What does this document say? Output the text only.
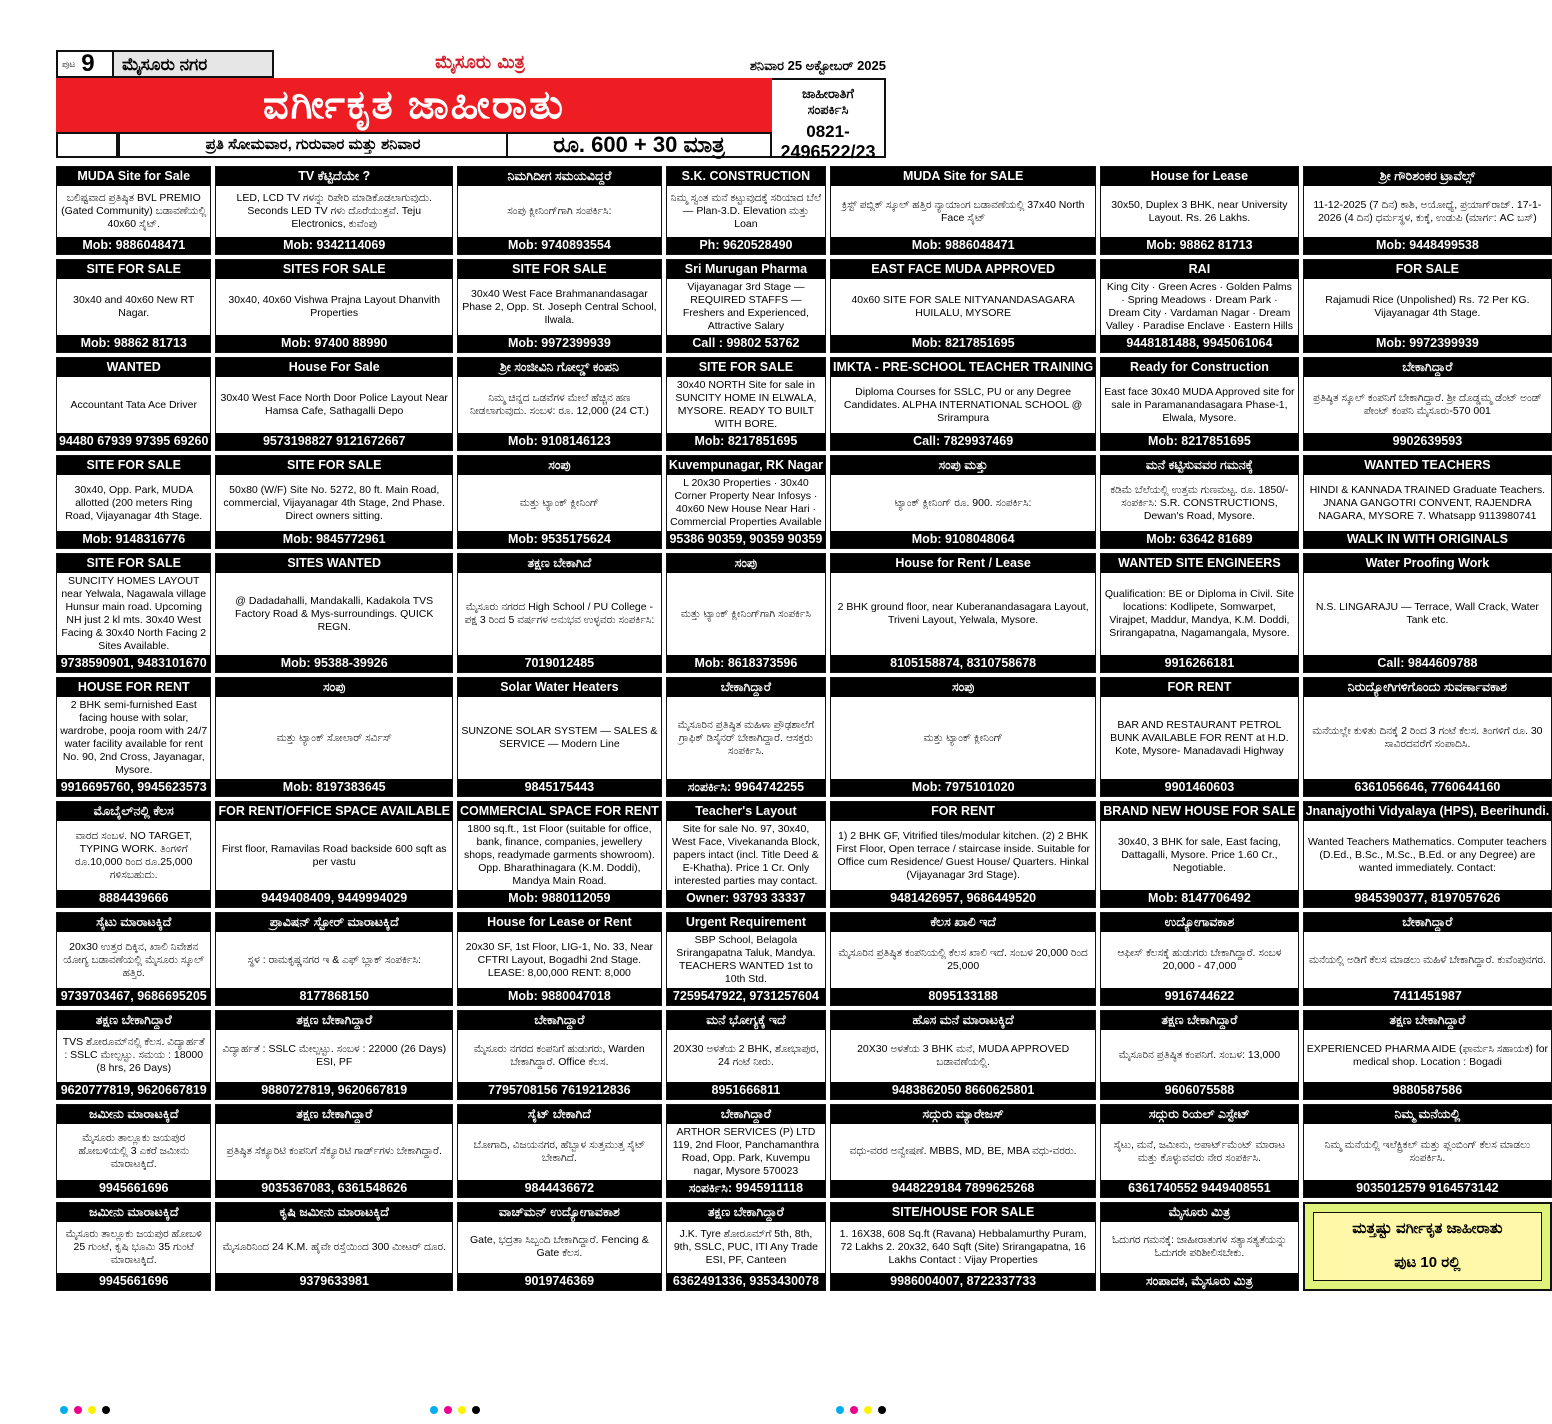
ಪುಟ 9	ಮೈಸೂರು ನಗರ	ಮೈಸೂರು ಮಿತ್ರ	ಶನಿವಾರ 25 ಅಕ್ಟೋಬರ್ 2025
ವರ್ಗೀಕೃತ ಜಾಹೀರಾತು
ಪ್ರತಿ ಸೋಮವಾರ, ಗುರುವಾರ ಮತ್ತು ಶನಿವಾರ	ರೂ. 600 + 30 ಮಾತ್ರ
ಜಾಹೀರಾತಿಗೆ
ಸಂಪರ್ಕಿಸಿ
0821-
2496522/23
MUDA Site for Sale
ಬಲಿಷ್ಟವಾದ ಪ್ರತಿಷ್ಠಿತ BVL PREMIO (Gated Community) ಬಡಾವಣೆಯಲ್ಲಿ 40x60 ಸೈಟ್.
Mob: 9886048471
TV ಕೆಟ್ಟಿದೆಯೇ ?
LED, LCD TV ಗಳನ್ನು ರಿಪೇರಿ ಮಾಡಿಕೊಡಲಾಗುವುದು. Seconds LED TV ಗಳು ದೊರೆಯುತ್ತವೆ. Teju Electronics, ಕುವೆಂಪು
Mob: 9342114069
ನಿಮಗಿದೀಗ ಸಮಯವಿದ್ದರೆ
ಸಂಪು ಕ್ಲೀನಿಂಗ್‌ಗಾಗಿ ಸಂಪರ್ಕಿಸಿ:
Mob: 9740893554
S.K. CONSTRUCTION
ನಿಮ್ಮ ಸ್ವಂತ ಮನೆ ಕಟ್ಟುವುದಕ್ಕೆ ಸರಿಯಾದ ಬೆಲೆ — Plan-3.D. Elevation ಮತ್ತು Loan
Ph: 9620528490
MUDA Site for SALE
ಕ್ರಿಸ್ಟ್ ಪಬ್ಲಿಕ್ ಸ್ಕೂಲ್ ಹತ್ತಿರ ನ್ಯಾಯಾಂಗ ಬಡಾವಣೆಯಲ್ಲಿ 37x40 North Face ಸೈಟ್
Mob: 9886048471
House for Lease
30x50, Duplex 3 BHK, near University Layout. Rs. 26 Lakhs.
Mob: 98862 81713
ಶ್ರೀ ಗೌರಿಶಂಕರ ಟ್ರಾವೆಲ್ಸ್
11-12-2025 (7 ದಿನ) ಕಾಶಿ, ಅಯೋಧ್ಯೆ, ಪ್ರಯಾಗ್‌ರಾಜ್. 17-1-2026 (4 ದಿನ) ಧರ್ಮಸ್ಥಳ, ಕುಕ್ಕೆ, ಉಡುಪಿ (ಮಾರ್ಗ: AC ಬಸ್)
Mob: 9448499538
SITE FOR SALE
30x40 and 40x60 New RT Nagar.
Mob: 98862 81713
SITES FOR SALE
30x40, 40x60 Vishwa Prajna Layout Dhanvith Properties
Mob: 97400 88990
SITE FOR SALE
30x40 West Face Brahmanandasagar Phase 2, Opp. St. Joseph Central School, Ilwala.
Mob: 9972399939
Sri Murugan Pharma
Vijayanagar 3rd Stage — REQUIRED STAFFS — Freshers and Experienced, Attractive Salary
Call : 99802 53762
EAST FACE MUDA APPROVED
40x60 SITE FOR SALE NITYANANDASAGARA HUILALU, MYSORE
Mob: 8217851695
RAI
King City · Green Acres · Golden Palms · Spring Meadows · Dream Park · Dream City · Vardaman Nagar · Dream Valley · Paradise Enclave · Eastern Hills
9448181488, 9945061064
FOR SALE
Rajamudi Rice (Unpolished) Rs. 72 Per KG. Vijayanagar 4th Stage.
Mob: 9972399939
WANTED
Accountant Tata Ace Driver
94480 67939 97395 69260
House For Sale
30x40 West Face North Door Police Layout Near Hamsa Cafe, Sathagalli Depo
9573198827 9121672667
ಶ್ರೀ ಸಂಜೀವಿನಿ ಗೋಲ್ಡ್ ಕಂಪನಿ
ನಿಮ್ಮ ಚಿನ್ನದ ಒಡವೆಗಳ ಮೇಲೆ ಹೆಚ್ಚಿನ ಹಣ ನೀಡಲಾಗುವುದು. ಸಂಬಳ: ರೂ. 12,000 (24 CT.)
Mob: 9108146123
SITE FOR SALE
30x40 NORTH Site for sale in SUNCITY HOME IN ELWALA, MYSORE. READY TO BUILT WITH BORE.
Mob: 8217851695
IMKTA - PRE-SCHOOL TEACHER TRAINING
Diploma Courses for SSLC, PU or any Degree Candidates. ALPHA INTERNATIONAL SCHOOL @ Srirampura
Call: 7829937469
Ready for Construction
East face 30x40 MUDA Approved site for sale in Paramanandasagara Phase-1, Elwala, Mysore.
Mob: 8217851695
ಬೇಕಾಗಿದ್ದಾರೆ
ಪ್ರತಿಷ್ಠಿತ ಸ್ಕೂಲ್ ಕಂಪನಿಗೆ ಬೇಕಾಗಿದ್ದಾರೆ. ಶ್ರೀ ದೊಡ್ಡಮ್ಮ ಡೆಂಟ್ ಅಂಡ್ ಪೇಂಟ್ ಕಂಪನಿ ಮೈಸೂರು-570 001
9902639593
SITE FOR SALE
30x40, Opp. Park, MUDA allotted (200 meters Ring Road, Vijayanagar 4th Stage.
Mob: 9148316776
SITE FOR SALE
50x80 (W/F) Site No. 5272, 80 ft. Main Road, commercial, Vijayanagar 4th Stage, 2nd Phase. Direct owners sitting.
Mob: 9845772961
ಸಂಪು
ಮತ್ತು ಟ್ಯಾಂಕ್ ಕ್ಲೀನಿಂಗ್
Mob: 9535175624
Kuvempunagar, RK Nagar
L 20x30 Properties · 30x40 Corner Property Near Infosys · 40x60 New House Near Hari · Commercial Properties Available
95386 90359, 90359 90359
ಸಂಪು ಮತ್ತು
ಟ್ಯಾಂಕ್ ಕ್ಲೀನಿಂಗ್ ರೂ. 900. ಸಂಪರ್ಕಿಸಿ:
Mob: 9108048064
ಮನೆ ಕಟ್ಟಿಸುವವರ ಗಮನಕ್ಕೆ
ಕಡಿಮೆ ಬೆಲೆಯಲ್ಲಿ ಉತ್ತಮ ಗುಣಮಟ್ಟ. ರೂ. 1850/- ಸಂಪರ್ಕಿಸಿ: S.R. CONSTRUCTIONS, Dewan's Road, Mysore.
Mob: 63642 81689
WANTED TEACHERS
HINDI & KANNADA TRAINED Graduate Teachers. JNANA GANGOTRI CONVENT, RAJENDRA NAGARA, MYSORE 7. Whatsapp 9113980741
WALK IN WITH ORIGINALS
SITE FOR SALE
SUNCITY HOMES LAYOUT near Yelwala, Nagawala village Hunsur main road. Upcoming NH just 2 kl mts. 30x40 West Facing & 30x40 North Facing 2 Sites Available.
9738590901, 9483101670
SITES WANTED
@ Dadadahalli, Mandakalli, Kadakola TVS Factory Road & Mys-surroundings. QUICK REGN.
Mob: 95388-39926
ತಕ್ಷಣ ಬೇಕಾಗಿದೆ
ಮೈಸೂರು ನಗರದ High School / PU College - ಪಕ್ಷ 3 ರಿಂದ 5 ವರ್ಷಗಳ ಅನುಭವ ಉಳ್ಳವರು ಸಂಪರ್ಕಿಸಿ:
7019012485
ಸಂಪು
ಮತ್ತು ಟ್ಯಾಂಕ್ ಕ್ಲೀನಿಂಗ್‌ಗಾಗಿ ಸಂಪರ್ಕಿಸಿ
Mob: 8618373596
House for Rent / Lease
2 BHK ground floor, near Kuberanandasagara Layout, Triveni Layout, Yelwala, Mysore.
8105158874, 8310758678
WANTED SITE ENGINEERS
Qualification: BE or Diploma in Civil. Site locations: Kodlipete, Somwarpet, Virajpet, Maddur, Mandya, K.M. Doddi, Srirangapatna, Nagamangala, Mysore.
9916266181
Water Proofing Work
N.S. LINGARAJU — Terrace, Wall Crack, Water Tank etc.
Call: 9844609788
HOUSE FOR RENT
2 BHK semi-furnished East facing house with solar, wardrobe, pooja room with 24/7 water facility available for rent No. 90, 2nd Cross, Jayanagar, Mysore.
9916695760, 9945623573
ಸಂಪು
ಮತ್ತು ಟ್ಯಾಂಕ್ ಸೋಲಾರ್ ಸರ್ವಿಸ್
Mob: 8197383645
Solar Water Heaters
SUNZONE SOLAR SYSTEM — SALES & SERVICE — Modern Line
9845175443
ಬೇಕಾಗಿದ್ದಾರೆ
ಮೈಸೂರಿನ ಪ್ರತಿಷ್ಠಿತ ಮಹಿಳಾ ಪ್ರೌಢಶಾಲೆಗೆ ಗ್ರಾಫಿಕ್ ಡಿಸೈನರ್ ಬೇಕಾಗಿದ್ದಾರೆ. ಆಸಕ್ತರು ಸಂಪರ್ಕಿಸಿ.
ಸಂಪರ್ಕಿಸಿ: 9964742255
ಸಂಪು
ಮತ್ತು ಟ್ಯಾಂಕ್ ಕ್ಲೀನಿಂಗ್
Mob: 7975101020
FOR RENT
BAR AND RESTAURANT PETROL BUNK AVAILABLE FOR RENT at H.D. Kote, Mysore- Manadavadi Highway
9901460603
ನಿರುದ್ಯೋಗಿಗಳಿಗೊಂದು ಸುವರ್ಣಾವಕಾಶ
ಮನೆಯಲ್ಲೇ ಕುಳಿತು ದಿನಕ್ಕೆ 2 ರಿಂದ 3 ಗಂಟೆ ಕೆಲಸ. ತಿಂಗಳಿಗೆ ರೂ. 30 ಸಾವಿರದವರೆಗೆ ಸಂಪಾದಿಸಿ.
6361056646, 7760644160
ಮೊಬೈಲ್‌ನಲ್ಲಿ ಕೆಲಸ
ವಾರದ ಸಂಬಳ. NO TARGET, TYPING WORK. ತಿಂಗಳಿಗೆ ರೂ.10,000 ರಿಂದ ರೂ.25,000 ಗಳಿಸಬಹುದು.
8884439666
FOR RENT/OFFICE SPACE AVAILABLE
First floor, Ramavilas Road backside 600 sqft as per vastu
9449408409, 9449994029
COMMERCIAL SPACE FOR RENT
1800 sq.ft., 1st Floor (suitable for office, bank, finance, companies, jewellery shops, readymade garments showroom). Opp. Bharathinagara (K.M. Doddi), Mandya Main Road.
Mob: 9880112059
Teacher's Layout
Site for sale No. 97, 30x40, West Face, Vivekananda Block, papers intact (incl. Title Deed & E-Khatha). Price 1 Cr. Only interested parties may contact.
Owner: 93793 33337
FOR RENT
1) 2 BHK GF, Vitrified tiles/modular kitchen. (2) 2 BHK First Floor, Open terrace / staircase inside. Suitable for Office cum Residence/ Guest House/ Quarters. Hinkal (Vijayanagar 3rd Stage).
9481426957, 9686449520
BRAND NEW HOUSE FOR SALE
30x40, 3 BHK for sale, East facing, Dattagalli, Mysore. Price 1.60 Cr., Negotiable.
Mob: 8147706492
Jnanajyothi Vidyalaya (HPS), Beerihundi.
Wanted Teachers Mathematics. Computer teachers (D.Ed., B.Sc., M.Sc., B.Ed. or any Degree) are wanted immediately. Contact:
9845390377, 8197057626
ಸೈಟು ಮಾರಾಟಕ್ಕಿದೆ
20x30 ಉತ್ತರ ದಿಕ್ಕಿನ, ಖಾಲಿ ನಿವೇಶನ ಯೋಗ್ಯ ಬಡಾವಣೆಯಲ್ಲಿ ಮೈಸೂರು ಸ್ಕೂಲ್ ಹತ್ತಿರ.
9739703467, 9686695205
ಪ್ರಾವಿಷನ್ ಸ್ಟೋರ್ ಮಾರಾಟಕ್ಕಿದೆ
ಸ್ಥಳ : ರಾಮಕೃಷ್ಣನಗರ ಇ & ಎಫ್ ಬ್ಲಾಕ್ ಸಂಪರ್ಕಿಸಿ:
8177868150
House for Lease or Rent
20x30 SF, 1st Floor, LIG-1, No. 33, Near CFTRI Layout, Bogadhi 2nd Stage. LEASE: 8,00,000 RENT: 8,000
Mob: 9880047018
Urgent Requirement
SBP School, Belagola Srirangapatna Taluk, Mandya. TEACHERS WANTED 1st to 10th Std.
7259547922, 9731257604
ಕೆಲಸ ಖಾಲಿ ಇದೆ
ಮೈಸೂರಿನ ಪ್ರತಿಷ್ಠಿತ ಕಂಪನಿಯಲ್ಲಿ ಕೆಲಸ ಖಾಲಿ ಇದೆ. ಸಂಬಳ 20,000 ರಿಂದ 25,000
8095133188
ಉದ್ಯೋಗಾವಕಾಶ
ಆಫೀಸ್ ಕೆಲಸಕ್ಕೆ ಹುಡುಗರು ಬೇಕಾಗಿದ್ದಾರೆ. ಸಂಬಳ 20,000 - 47,000
9916744622
ಬೇಕಾಗಿದ್ದಾರೆ
ಮನೆಯಲ್ಲಿ ಅಡಿಗೆ ಕೆಲಸ ಮಾಡಲು ಮಹಿಳೆ ಬೇಕಾಗಿದ್ದಾರೆ. ಕುವೆಂಪುನಗರ.
7411451987
ತಕ್ಷಣ ಬೇಕಾಗಿದ್ದಾರೆ
TVS ಶೋರೂಮ್‌ನಲ್ಲಿ ಕೆಲಸ. ವಿದ್ಯಾರ್ಹತೆ : SSLC ಮೇಲ್ಪಟ್ಟು. ಸಮಯ : 18000 (8 hrs, 26 Days)
9620777819, 9620667819
ತಕ್ಷಣ ಬೇಕಾಗಿದ್ದಾರೆ
ವಿದ್ಯಾರ್ಹತೆ : SSLC ಮೇಲ್ಪಟ್ಟು. ಸಂಬಳ : 22000 (26 Days) ESI, PF
9880727819, 9620667819
ಬೇಕಾಗಿದ್ದಾರೆ
ಮೈಸೂರು ನಗರದ ಕಂಪನಿಗೆ ಹುಡುಗರು, Warden ಬೇಕಾಗಿದ್ದಾರೆ. Office ಕೆಲಸ.
7795708156 7619212836
ಮನೆ ಭೋಗ್ಯಕ್ಕೆ ಇದೆ
20X30 ಅಳತೆಯ 2 BHK, ಶೋಭಾಪುರ, 24 ಗಂಟೆ ನೀರು.
8951666811
ಹೊಸ ಮನೆ ಮಾರಾಟಕ್ಕಿದೆ
20X30 ಅಳತೆಯ 3 BHK ಮನೆ, MUDA APPROVED ಬಡಾವಣೆಯಲ್ಲಿ.
9483862050 8660625801
ತಕ್ಷಣ ಬೇಕಾಗಿದ್ದಾರೆ
ಮೈಸೂರಿನ ಪ್ರತಿಷ್ಠಿತ ಕಂಪನಿಗೆ. ಸಂಬಳ: 13,000
9606075588
ತಕ್ಷಣ ಬೇಕಾಗಿದ್ದಾರೆ
EXPERIENCED PHARMA AIDE (ಫಾರ್ಮಸಿ ಸಹಾಯಕ) for medical shop. Location : Bogadi
9880587586
ಜಮೀನು ಮಾರಾಟಕ್ಕಿದೆ
ಮೈಸೂರು ತಾಲ್ಲೂಕು ಜಯಪುರ ಹೋಬಳಿಯಲ್ಲಿ 3 ಎಕರೆ ಜಮೀನು ಮಾರಾಟಕ್ಕಿದೆ.
9945661696
ತಕ್ಷಣ ಬೇಕಾಗಿದ್ದಾರೆ
ಪ್ರತಿಷ್ಠಿತ ಸೆಕ್ಯೂರಿಟಿ ಕಂಪನಿಗೆ ಸೆಕ್ಯೂರಿಟಿ ಗಾರ್ಡ್‌ಗಳು ಬೇಕಾಗಿದ್ದಾರೆ.
9035367083, 6361548626
ಸೈಟ್ ಬೇಕಾಗಿದೆ
ಬೋಗಾದಿ, ವಿಜಯನಗರ, ಹೆಬ್ಬಾಳ ಸುತ್ತಮುತ್ತ ಸೈಟ್ ಬೇಕಾಗಿದೆ.
9844436672
ಬೇಕಾಗಿದ್ದಾರೆ
ARTHOR SERVICES (P) LTD 119, 2nd Floor, Panchamanthra Road, Opp. Park, Kuvempu nagar, Mysore 570023
ಸಂಪರ್ಕಿಸಿ: 9945911118
ಸದ್ಗುರು ಮ್ಯಾರೇಜಸ್
ವಧು-ವರರ ಅನ್ವೇಷಣೆ. MBBS, MD, BE, MBA ವಧು-ವರರು.
9448229184 7899625268
ಸದ್ಗುರು ರಿಯಲ್ ಎಸ್ಟೇಟ್
ಸೈಟು, ಮನೆ, ಜಮೀನು, ಅಪಾರ್ಟ್‌ಮೆಂಟ್ ಮಾರಾಟ ಮತ್ತು ಕೊಳ್ಳುವವರು ನೇರ ಸಂಪರ್ಕಿಸಿ.
6361740552 9449408551
ನಿಮ್ಮ ಮನೆಯಲ್ಲಿ
ನಿಮ್ಮ ಮನೆಯಲ್ಲಿ ಇಲೆಕ್ಟ್ರಿಕಲ್ ಮತ್ತು ಪ್ಲಂಬಿಂಗ್ ಕೆಲಸ ಮಾಡಲು ಸಂಪರ್ಕಿಸಿ.
9035012579 9164573142
ಜಮೀನು ಮಾರಾಟಕ್ಕಿದೆ
ಮೈಸೂರು ತಾಲ್ಲೂಕು ಜಯಪುರ ಹೋಬಳಿ 25 ಗುಂಟೆ, ಕೃಷಿ ಭೂಮಿ 35 ಗುಂಟೆ ಮಾರಾಟಕ್ಕಿದೆ.
9945661696
ಕೃಷಿ ಜಮೀನು ಮಾರಾಟಕ್ಕಿದೆ
ಮೈಸೂರಿನಿಂದ 24 K.M. ಹೈವೇ ರಸ್ತೆಯಿಂದ 300 ಮೀಟರ್ ದೂರ.
9379633981
ವಾಚ್‌ಮನ್ ಉದ್ಯೋಗಾವಕಾಶ
Gate, ಭದ್ರತಾ ಸಿಬ್ಬಂದಿ ಬೇಕಾಗಿದ್ದಾರೆ. Fencing & Gate ಕೆಲಸ.
9019746369
ತಕ್ಷಣ ಬೇಕಾಗಿದ್ದಾರೆ
J.K. Tyre ಶೋರೂಮ್‌ಗೆ 5th, 8th, 9th, SSLC, PUC, ITI Any Trade ESI, PF, Canteen
6362491336, 9353430078
SITE/HOUSE FOR SALE
1. 16X38, 608 Sq.ft (Ravana) Hebbalamurthy Puram, 72 Lakhs 2. 20x32, 640 Sqft (Site) Srirangapatna, 16 Lakhs Contact : Vijay Properties
9986004007, 8722337733
ಮೈಸೂರು ಮಿತ್ರ
ಓದುಗರ ಗಮನಕ್ಕೆ: ಜಾಹೀರಾತುಗಳ ಸತ್ಯಾಸತ್ಯತೆಯನ್ನು ಓದುಗರೇ ಪರಿಶೀಲಿಸಬೇಕು.
ಸಂಪಾದಕ, ಮೈಸೂರು ಮಿತ್ರ
ಮತ್ತಷ್ಟು ವರ್ಗೀಕೃತ ಜಾಹೀರಾತು
ಪುಟ 10 ರಲ್ಲಿ
